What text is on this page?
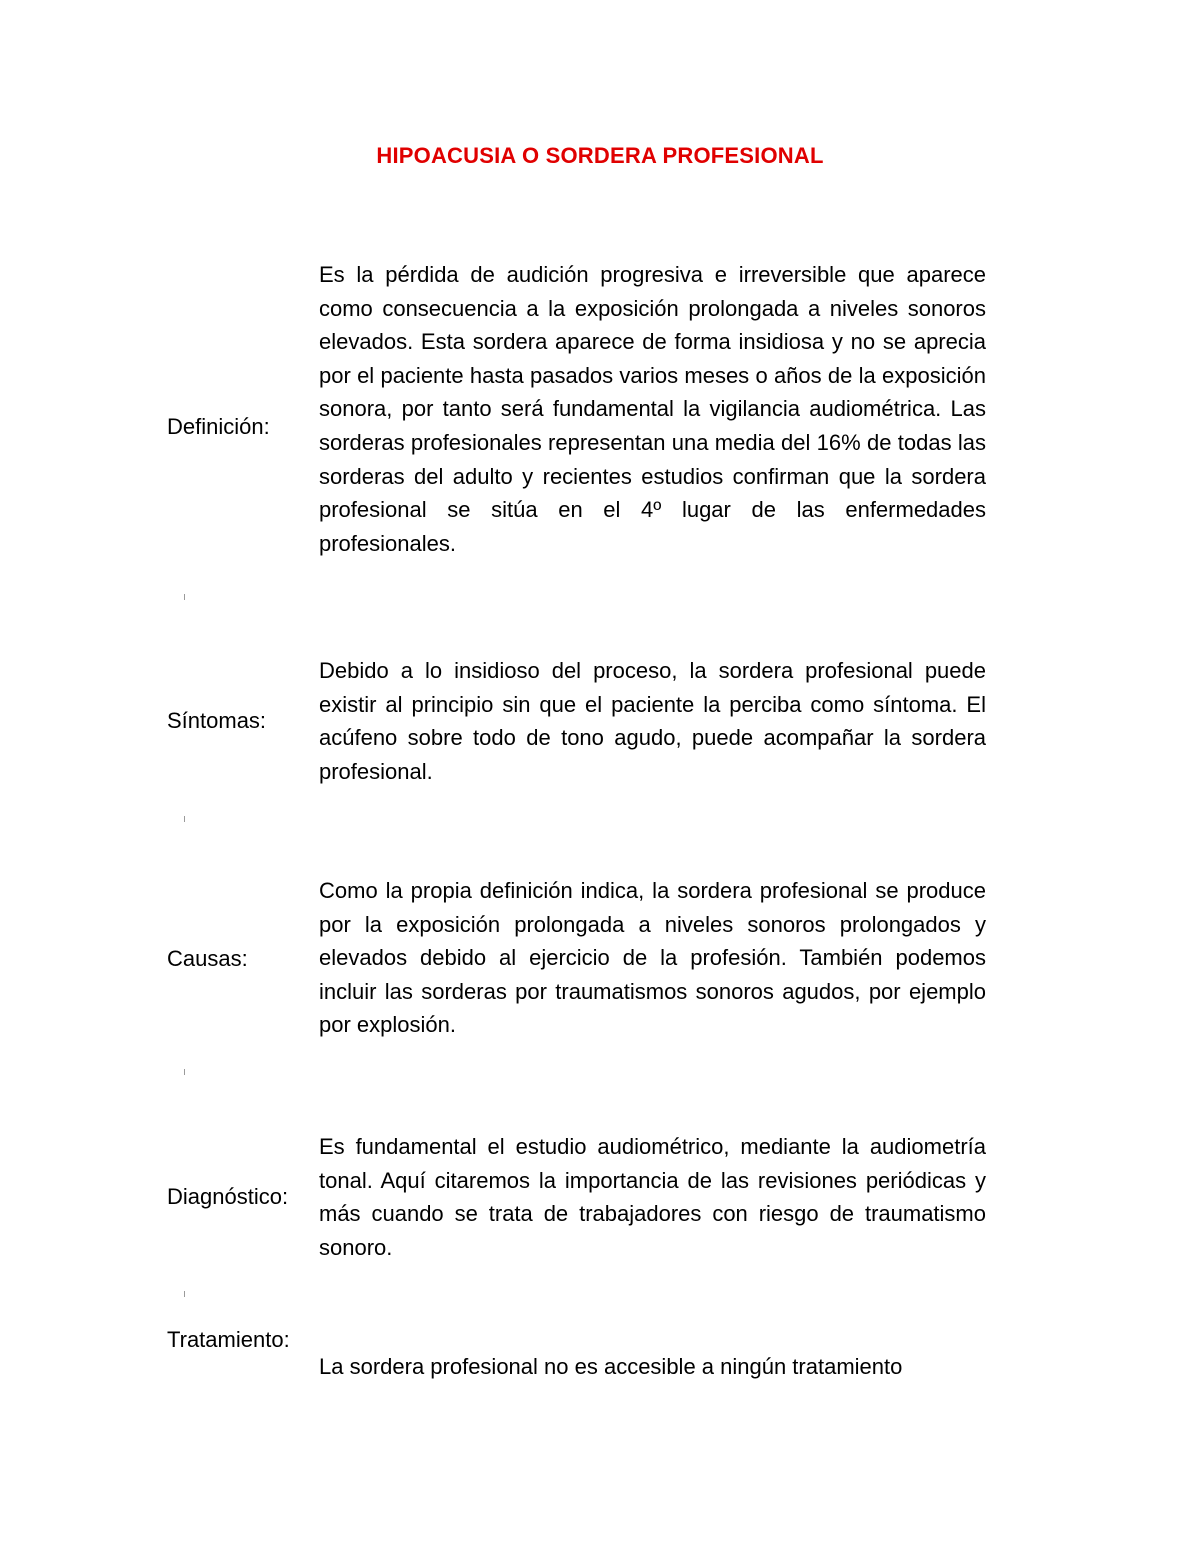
HIPOACUSIA O SORDERA PROFESIONAL
Definición:
Es la pérdida de audición progresiva e irreversible que aparece como consecuencia a la exposición prolongada a niveles sonoros elevados. Esta sordera aparece de forma insidiosa y no se aprecia por el paciente hasta pasados varios meses o años de la exposición sonora, por tanto será fundamental la vigilancia audiométrica. Las sorderas profesionales representan una media del 16% de todas las sorderas del adulto y recientes estudios confirman que la sordera profesional se sitúa en el 4º lugar de las enfermedades profesionales.
Síntomas:
Debido a lo insidioso del proceso, la sordera profesional puede existir al principio sin que el paciente la perciba como síntoma. El acúfeno sobre todo de tono agudo, puede acompañar la sordera profesional.
Causas:
Como la propia definición indica, la sordera profesional se produce por la exposición prolongada a niveles sonoros prolongados y elevados debido al ejercicio de la profesión. También podemos incluir las sorderas por traumatismos sonoros agudos, por ejemplo por explosión.
Diagnóstico:
Es fundamental el estudio audiométrico, mediante la audiometría tonal. Aquí citaremos la importancia de las revisiones periódicas y más cuando se trata de trabajadores con riesgo de traumatismo sonoro.
Tratamiento:
La sordera profesional no es accesible a ningún tratamiento
